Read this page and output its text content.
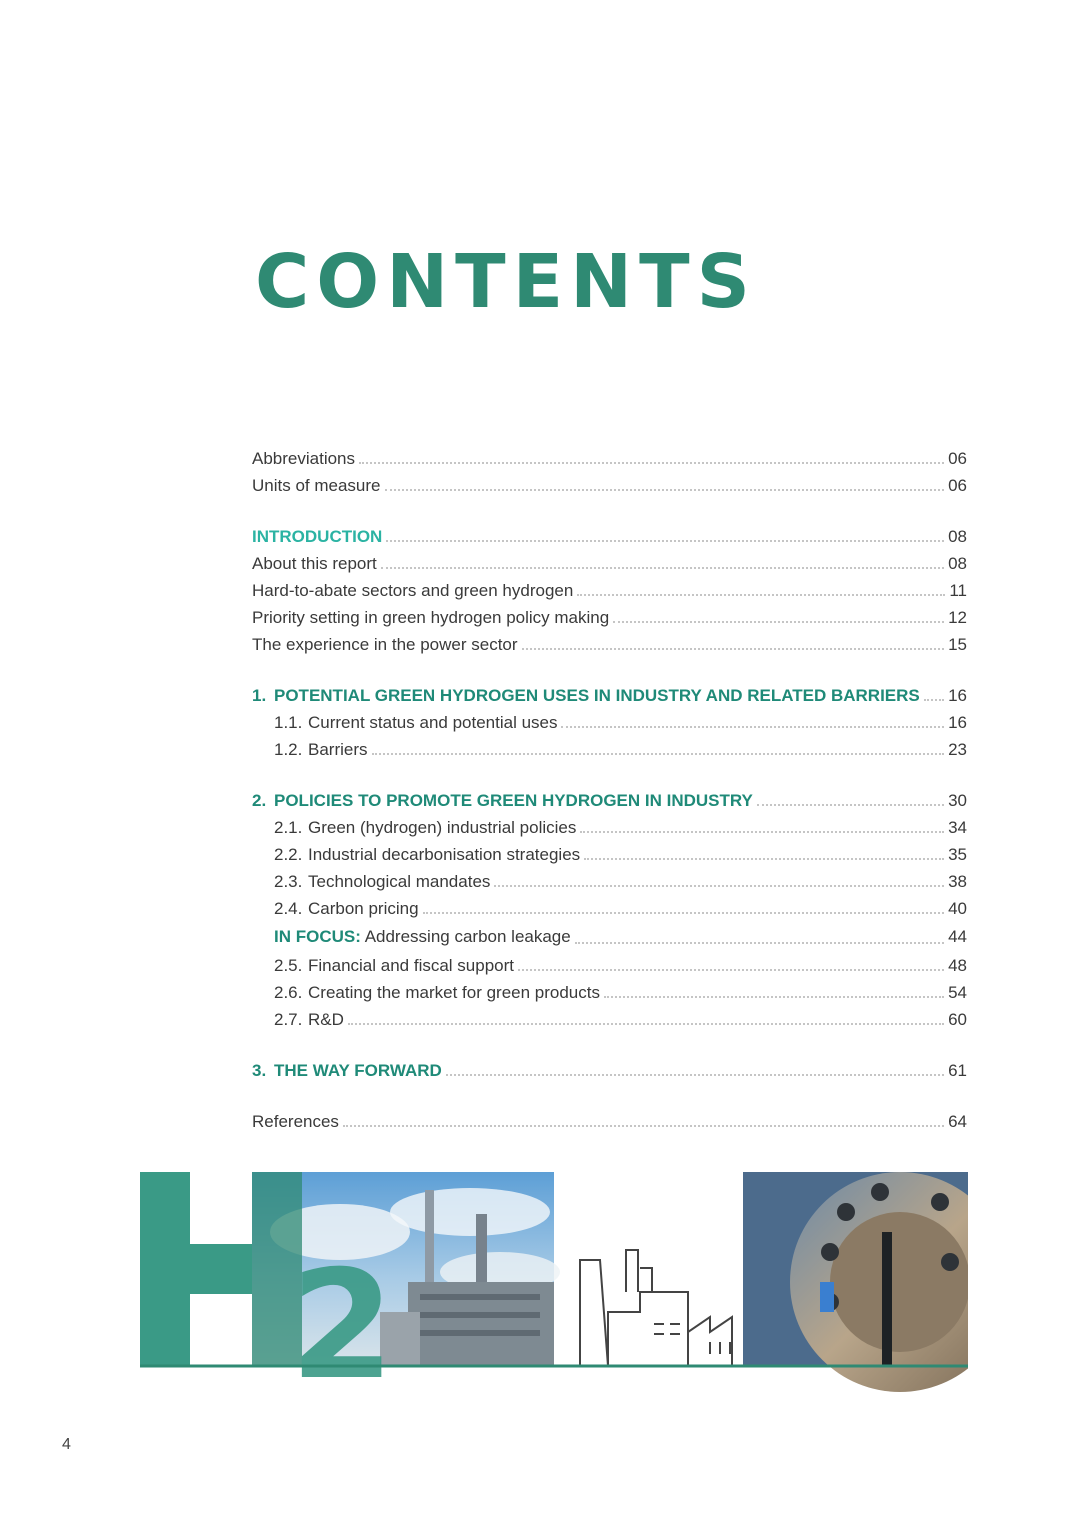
CONTENTS
Abbreviations	06
Units of measure	06
INTRODUCTION	08
About this report	08
Hard-to-abate sectors and green hydrogen	11
Priority setting in green hydrogen policy making	12
The experience in the power sector	15
1. POTENTIAL GREEN HYDROGEN USES IN INDUSTRY AND RELATED BARRIERS 16
1.1. Current status and potential uses	16
1.2. Barriers	23
2. POLICIES TO PROMOTE GREEN HYDROGEN IN INDUSTRY	30
2.1. Green (hydrogen) industrial policies	34
2.2. Industrial decarbonisation strategies	35
2.3. Technological mandates	38
2.4. Carbon pricing	40
IN FOCUS: Addressing carbon leakage	44
2.5. Financial and fiscal support	48
2.6. Creating the market for green products	54
2.7. R&D	60
3. THE WAY FORWARD	61
References	64
2
4
